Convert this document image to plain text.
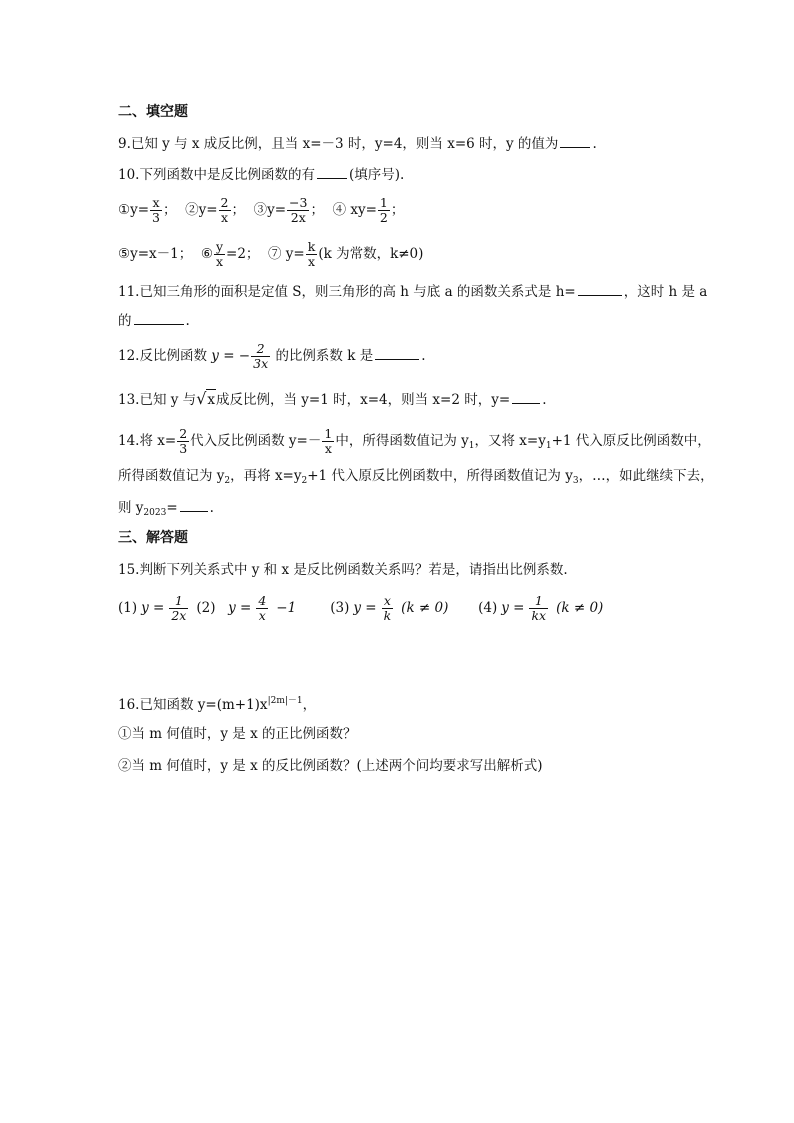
二、填空题
9.已知 y 与 x 成反比例，且当 x=－3 时，y=4，则当 x=6 时，y 的值为	.
10.下列函数中是反比例函数的有	(填序号).
①y= $\frac{x}{3}$ ； ②y= $\frac{2}{x}$ ； ③y= $\frac{-3}{2x}$ ； ④ $xy= \frac{1}{2}$ ；
⑤y=x－1； ⑥ $\frac{y}{x} =2$； ⑦ $y= \frac{k}{x} (k$ 为常数，k≠0)
11.已知三角形的面积是定值 S，则三角形的高 h 与底 a 的函数关系式是 h=	，这时 h 是 a
的	.
12.反比例函数 y = − $\frac{2}{3x}$ 的比例系数 k 是	.
13.已知 y 与√x成反比例，当 y=1 时，x=4，则当 x=2 时，y= .
14.将 $x= \frac{2}{3}$ 代入反比例函数 $y=- \frac{1}{x}$ 中，所得函数值记为 $y_1$，又将 $x=y_1+1$ 代入原反比例函数中，
所得函数值记为 $y_2$，再将 $x=y_2+1$ 代入原反比例函数中，所得函数值记为 $y_3$，…，如此继续下去，
则 $y_{2023}=$ .
三、解答题
15.判断下列关系式中 y 和 x 是反比例函数关系吗？若是，请指出比例系数.
(1) $y = \frac{1}{2x} (2) y = \frac{4}{x} -1$	(3) $y = \frac{x}{k} (k \ne 0)$ (4) $y = \frac{1}{kx} (k \ne 0)$
16.已知函数 $y=(m+1)x^{|2m|-1}$，
①当 m 何值时，y 是 x 的正比例函数？
②当 m 何值时，y 是 x 的反比例函数？(上述两个问均要求写出解析式)
